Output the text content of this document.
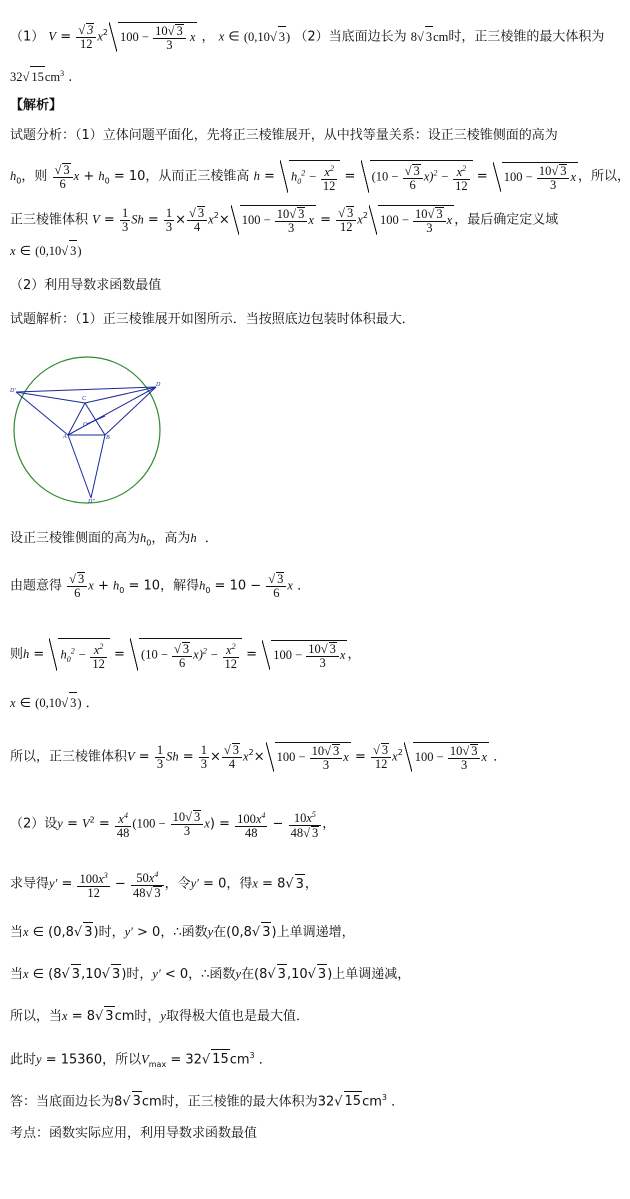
（1） $V = \frac{√ 3}{12} x^2$ $100 - \frac{10√ 3}{3}$ x ， x ∈ (0,10√ 3) （2）当底面边长为 8√ 3cm时，正三棱锥的最大体积为
32√ $15cm^3$ .
【解析】
试题分析：（1）立体问题平面化，先将正三棱锥展开，从中找等量关系：设正三棱锥侧面的高为
$h_0$，则 $\frac{√ 3}{6}$ $x + h_0 = 10$，从而正三棱锥高 $h = h_0^2 - \frac{x^2}{12} = (10 - \frac{√ 3}{6} x)^2 - \frac{x^2}{12} = 100 - \frac{10√ 3}{3}$ x ，所以，
正三棱锥体积 $V = \frac{1}{3}$ $Sh = \frac{1}{3} \times \frac{√ 3}{4} x^2\times 100 - \frac{10√ 3}{3}$ $x = \frac{√ 3}{12} x^2$ $100 - \frac{10√ 3}{3}$ x ，最后确定定义域
x ∈ (0,10√ 3)
（2）利用导数求函数最值
试题解析：（1）正三棱锥展开如图所示．当按照底边包装时体积最大．
D'
D
C
O
A	B
D''
设正三棱锥侧面的高为$h_0$，高为h ．
由题意得 $\frac{√ 3}{6}$ $x + h_0 = 10$，解得$h_0 = 10 - \frac{√ 3}{6}$ x ．
则$h = h_0^2 - \frac{x^2}{12} = (10 - \frac{√ 3}{6} x)^2 - \frac{x^2}{12} = 100 - \frac{10√ 3}{3}$ x ，
x ∈ (0,10√ 3) ．
所以，正三棱锥体积$V = \frac{1}{3}$ $Sh = \frac{1}{3} \times \frac{√ 3}{4} x^2\times 100 - \frac{10√ 3}{3}$ $x = \frac{√ 3}{12} x^2$ $100 - \frac{10√ 3}{3}$ x ．
（2）设$y = V^2 = \frac{x^4}{48} (100 - \frac{10√ 3}{3} x) = \frac{100x^4}{48} - \frac{10x^5}{48√ 3}$ ，
求导得$y' = \frac{100x^3}{12} - \frac{50x^4}{48√ 3}$ ，令y′ = 0，得x = 8√ 3，
当x ∈ (0,8√ 3)时，y′ > 0，∴函数y在(0,8√ 3)上单调递增，
当x ∈ (8√ 3,10√ 3)时，y′ < 0，∴函数y在(8√ 3,10√ 3)上单调递减，
所以，当x = 8√ 3cm时，y取得极大值也是最大值．
此时y = 15360，所以$V_{max} = 32√$ $15cm^3$ ．
答：当底面边长为8√ 3cm时，正三棱锥的最大体积为32√ $15cm^3$ ．
考点：函数实际应用，利用导数求函数最值
